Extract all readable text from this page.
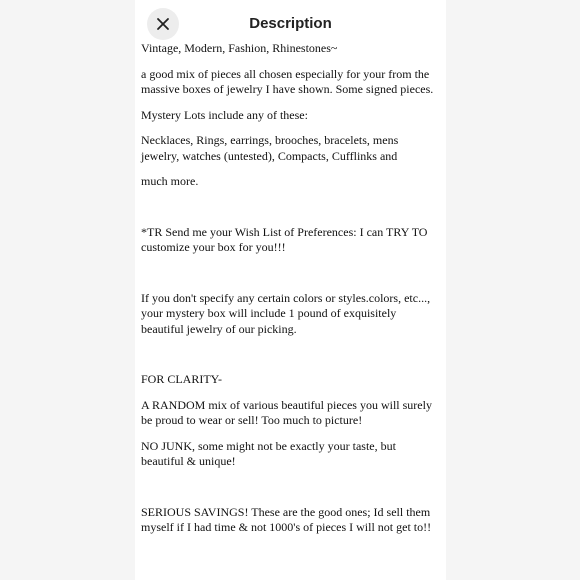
Description

Vintage, Modern, Fashion, Rhinestones~

a good mix of pieces all chosen especially for your from the massive boxes of jewelry I have shown. Some signed pieces.

Mystery Lots include any of these:

Necklaces, Rings, earrings, brooches, bracelets, mens jewelry, watches (untested), Compacts, Cufflinks and

much more.

*TR Send me your Wish List of Preferences: I can TRY TO customize your box for you!!!

If you don't specify any certain colors or styles.colors, etc..., your mystery box will include 1 pound of exquisitely beautiful jewelry of our picking.

FOR CLARITY-

A RANDOM mix of various beautiful pieces you will surely be proud to wear or sell! Too much to picture!

NO JUNK, some might not be exactly your taste, but beautiful & unique!

SERIOUS SAVINGS! These are the good ones; Id sell them myself if I had time & not 1000's of pieces I will not get to!!
